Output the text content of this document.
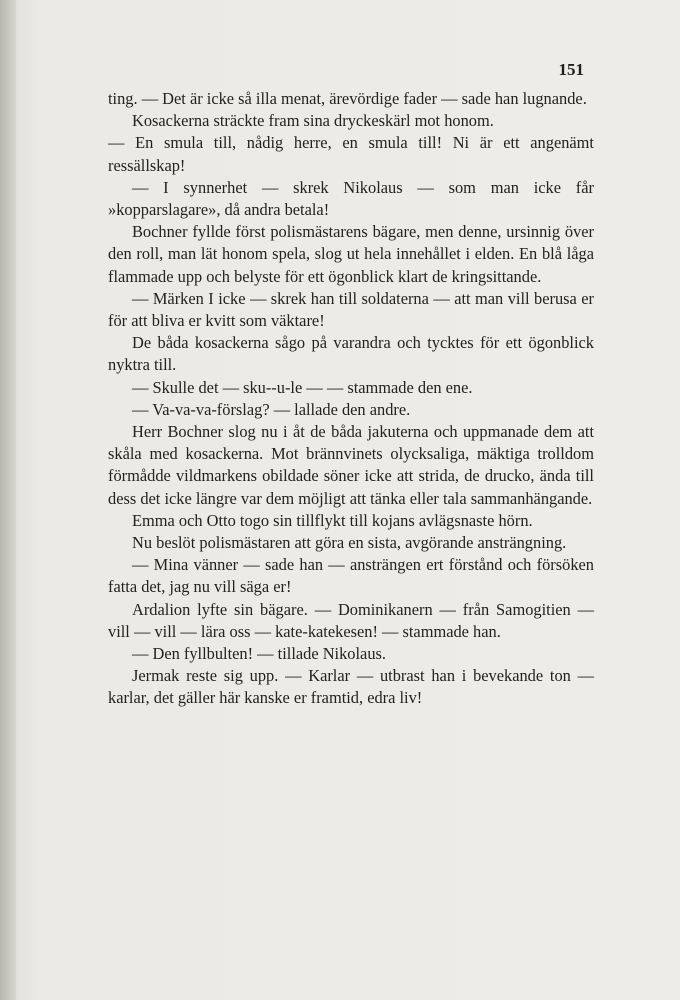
151

ting. — Det är icke så illa menat, ärevördige fader — sade han lugnande.

Kosackerna sträckte fram sina dryckeskärl mot honom.

— En smula till, nådig herre, en smula till! Ni är ett angenämt ressällskap!

— I synnerhet — skrek Nikolaus — som man icke får »kopparslagare», då andra betala!

Bochner fyllde först polismästarens bägare, men denne, ursinnig över den roll, man lät honom spela, slog ut hela innehållet i elden. En blå låga flammade upp och belyste för ett ögonblick klart de kringsittande.

— Märken I icke — skrek han till soldaterna — att man vill berusa er för att bliva er kvitt som väktare!

De båda kosackerna sågo på varandra och tycktes för ett ögonblick nyktra till.

— Skulle det — sku--u-le — — stammade den ene.

— Va-va-va-förslag? — lallade den andre.

Herr Bochner slog nu i åt de båda jakuterna och uppmanade dem att skåla med kosackerna. Mot brännvinets olycksaliga, mäktiga trolldom förmådde vildmarkens obildade söner icke att strida, de drucko, ända till dess det icke längre var dem möjligt att tänka eller tala sammanhängande.

Emma och Otto togo sin tillflykt till kojans avlägsnaste hörn.

Nu beslöt polismästaren att göra en sista, avgörande ansträngning.

— Mina vänner — sade han — ansträngen ert förstånd och försöken fatta det, jag nu vill säga er!

Ardalion lyfte sin bägare. — Dominikanern — från Samogitien — vill — vill — lära oss — kate-katekesen! — stammade han.

— Den fyllbulten! — tillade Nikolaus.

Jermak reste sig upp. — Karlar — utbrast han i bevekande ton — karlar, det gäller här kanske er framtid, edra liv!
